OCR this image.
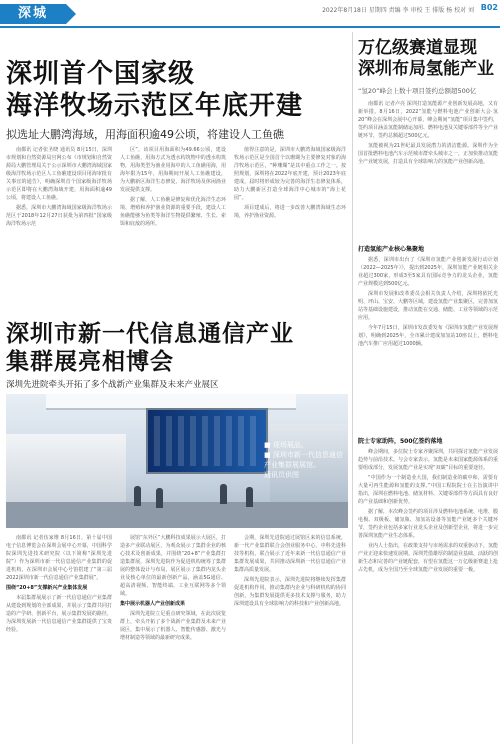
深城	2022年8月18日 星期四 责编 李 审校 王 排版 杨 校对 刘 B02
深圳首个国家级
海洋牧场示范区年底开建
拟选址大鹏湾海域，用海面积逾49公顷，将建设人工鱼礁

南都讯 记者张圣晓 通讯员 8月15日，深圳市规划和自然资源局官网公布《市规划和自然资源局大鹏管理局关于公示深圳市大鹏湾海域国家级海洋牧场示范区人工鱼礁建设项目用海审批有关事宜的通告》，明确深圳首个国家级海洋牧场示范区即将在大鹏湾海域开建，用海面积逾49公顷，将建设人工鱼礁。

据悉，深圳市大鹏湾海域国家级海洋牧场示范区于2018年12月27日获批为第四批“国家级海洋牧场示范

区”，该项目用海面积为49.66公顷，建设人工鱼礁，用海方式为透水构筑物中的透水构筑物，用海类型为渔业用海中的人工鱼礁用海，用海年限为15年，用海期间开展人工鱼礁建设，为大鹏新区海洋生态修复、海洋牧场及休闲渔业发展提供支撑。

据了解，人工鱼礁是修复和优化海洋生态环境、增殖和养护渔业资源的重要手段，建设人工鱼礁能够为鱼类等海洋生物提供繁殖、生长、索饵和庇敌的场所。

值得注意的是，深圳市大鹏湾海域国家级海洋牧场示范区是全国首个以珊瑚为主要修复对象的海洋牧场示范区，“种珊瑚”是其中重点工作之一。按照规划，深圳将在2022年底开建，预计2023年底建成，届时将形成较为完善的海洋生态修复体系，助力大鹏新区打造全球海洋中心城市的“海上花园”。

项目建成后，将进一步改善大鹏湾海域生态环境，养护渔业资源。

深圳市新一代信息通信产业
集群展亮相博会
深圳先进院牵头开拓了多个战新产业集群及未来产业展区
■ 现场展品。
■ 深圳市新一代信息通信产业集群展展馆。
通讯员供图

南都讯 记者伍家维 8月16日，第十届中国电子信息博览会在深圳会展中心开幕，中国科学院深圳先进技术研究院（以下简称“深圳先进院”）作为深圳市新一代信息通信产业集群的促进机构，在深圳市会展中心号馆搭建了“第三届2022深圳市新一代信息通信产业集群展”。

围绕“20+8”支撑新兴产业集体发展

本届集群展展示了新一代信息通信产业集群从建设到规划的全部成果，并展示了集群共同打造的产学研、创新平台，展示集群发展的路径，为深圳发展新一代信息通信产业集群提供了宝贵经验。

展馆“东外区”大鹏科技成果展示大展区，打造多产业联动展区，为观众展示了集群企业的核心技术及创新成果，并围绕“20+8”产业集群打造集群展，深圳先进院作为促进机构统筹了集群展的整体设计与布局，展区展示了集群内龙头企业及核心单位的最新创新产品，涵盖5G通信、超高清视频、智能终端、工业互联网等多个领域。

集中展示机器人产业创新成果

深圳先进院立足重点研究领域，在此次展览群上，牵头开拓了多个战新产业集群及未来产业展区，集中展示了机器人、智能传感器、激光与增材制造等领域的最新研究成果。

会期，深圳先进院通过展馆区来的信息系统，新一代产业集群联合会创业服务中心，中科先进科技等机构，联合展示了近年来新一代信息通信产业集群发展成果，共同推动深圳新一代信息通信产业集群高质量发展。

深圳先进院表示，深圳先进院将继续发挥集群促进机构作用，推动集群内企业与科研机构的协同创新，为集群发展提供更多技术支撑与服务，助力深圳建设具有全球影响力的科技和产业创新高地。

万亿级赛道显现
深圳布局氢能产业
“氢20”峰会上数十项目签约总额超500亿

南都讯 记者卢亮 深圳打造氢能源产业创新发展高地，又有新举措。8月16日，2022“氢能与燃料电池产业创新大会·氢20”峰会在深圳会展中心开幕，峰会期间“氢能”项目集中签约，签约项目涵盖氢能制储运加用、燃料电池及关键零部件等全产业链环节，签约总额超过500亿元。

氢能被视为21世纪最具发展潜力的清洁能源。深圳作为全国首批燃料电池汽车示范城市群牵头城市之一，正加快推动氢能全产业链发展，打造具有全球影响力的氢能产业创新高地。

打造氢能产业核心集聚地

据悉，深圳市出台了《深圳市氢能产业创新发展行动计划（2022—2025年）》，提出到2025年，深圳氢能产业链相关企业超过300家，形成3至5家具有国际竞争力的龙头企业，氢能产业规模达到500亿元。

深圳市发展和改革委员会相关负责人介绍，深圳将依托光明、坪山、宝安、大鹏等区域，建设氢能产业集聚区，完善加氢站等基础设施建设，推动氢能在交通、储能、工业等领域的示范应用。

今年7月15日，深圳市发改委发布《深圳市氢能产业发展规划》，明确到2025年，全市累计建成加氢站10座以上，燃料电池汽车推广应用超过1000辆。

院士专家助阵，500亿签约落地

峰会期间，多位院士专家齐聚深圳，共同探讨氢能产业发展趋势与前沿技术。与会专家表示，氢能是未来国家能源体系的重要组成部分，发展氢能产业是实现“双碳”目标的重要途径。

“中国作为一个制造业大国，我们制造业的碳中和，需要有大量可再生能源和氢能的支撑。”中国工程院院士在主旨演讲中指出，深圳在燃料电池、储氢材料、关键零部件等方面具有良好的产业基础和创新优势。

据了解，本次峰会签约的项目涉及燃料电池系统、电堆、膜电极、双极板、储氢瓶、加氢站设备等氢能产业链多个关键环节，签约企业包括多家行业龙头企业及创新型企业，将进一步完善深圳氢能产业生态体系。

业内人士指出，在政策支持与市场需求的双重驱动下，氢能产业正迎来快速发展期。深圳凭借雄厚的制造业基础、活跃的创新生态和完善的产业链配套，有望在氢能这一万亿级新赛道上抢占先机，成为全国乃至全球氢能产业发展的重要一极。
